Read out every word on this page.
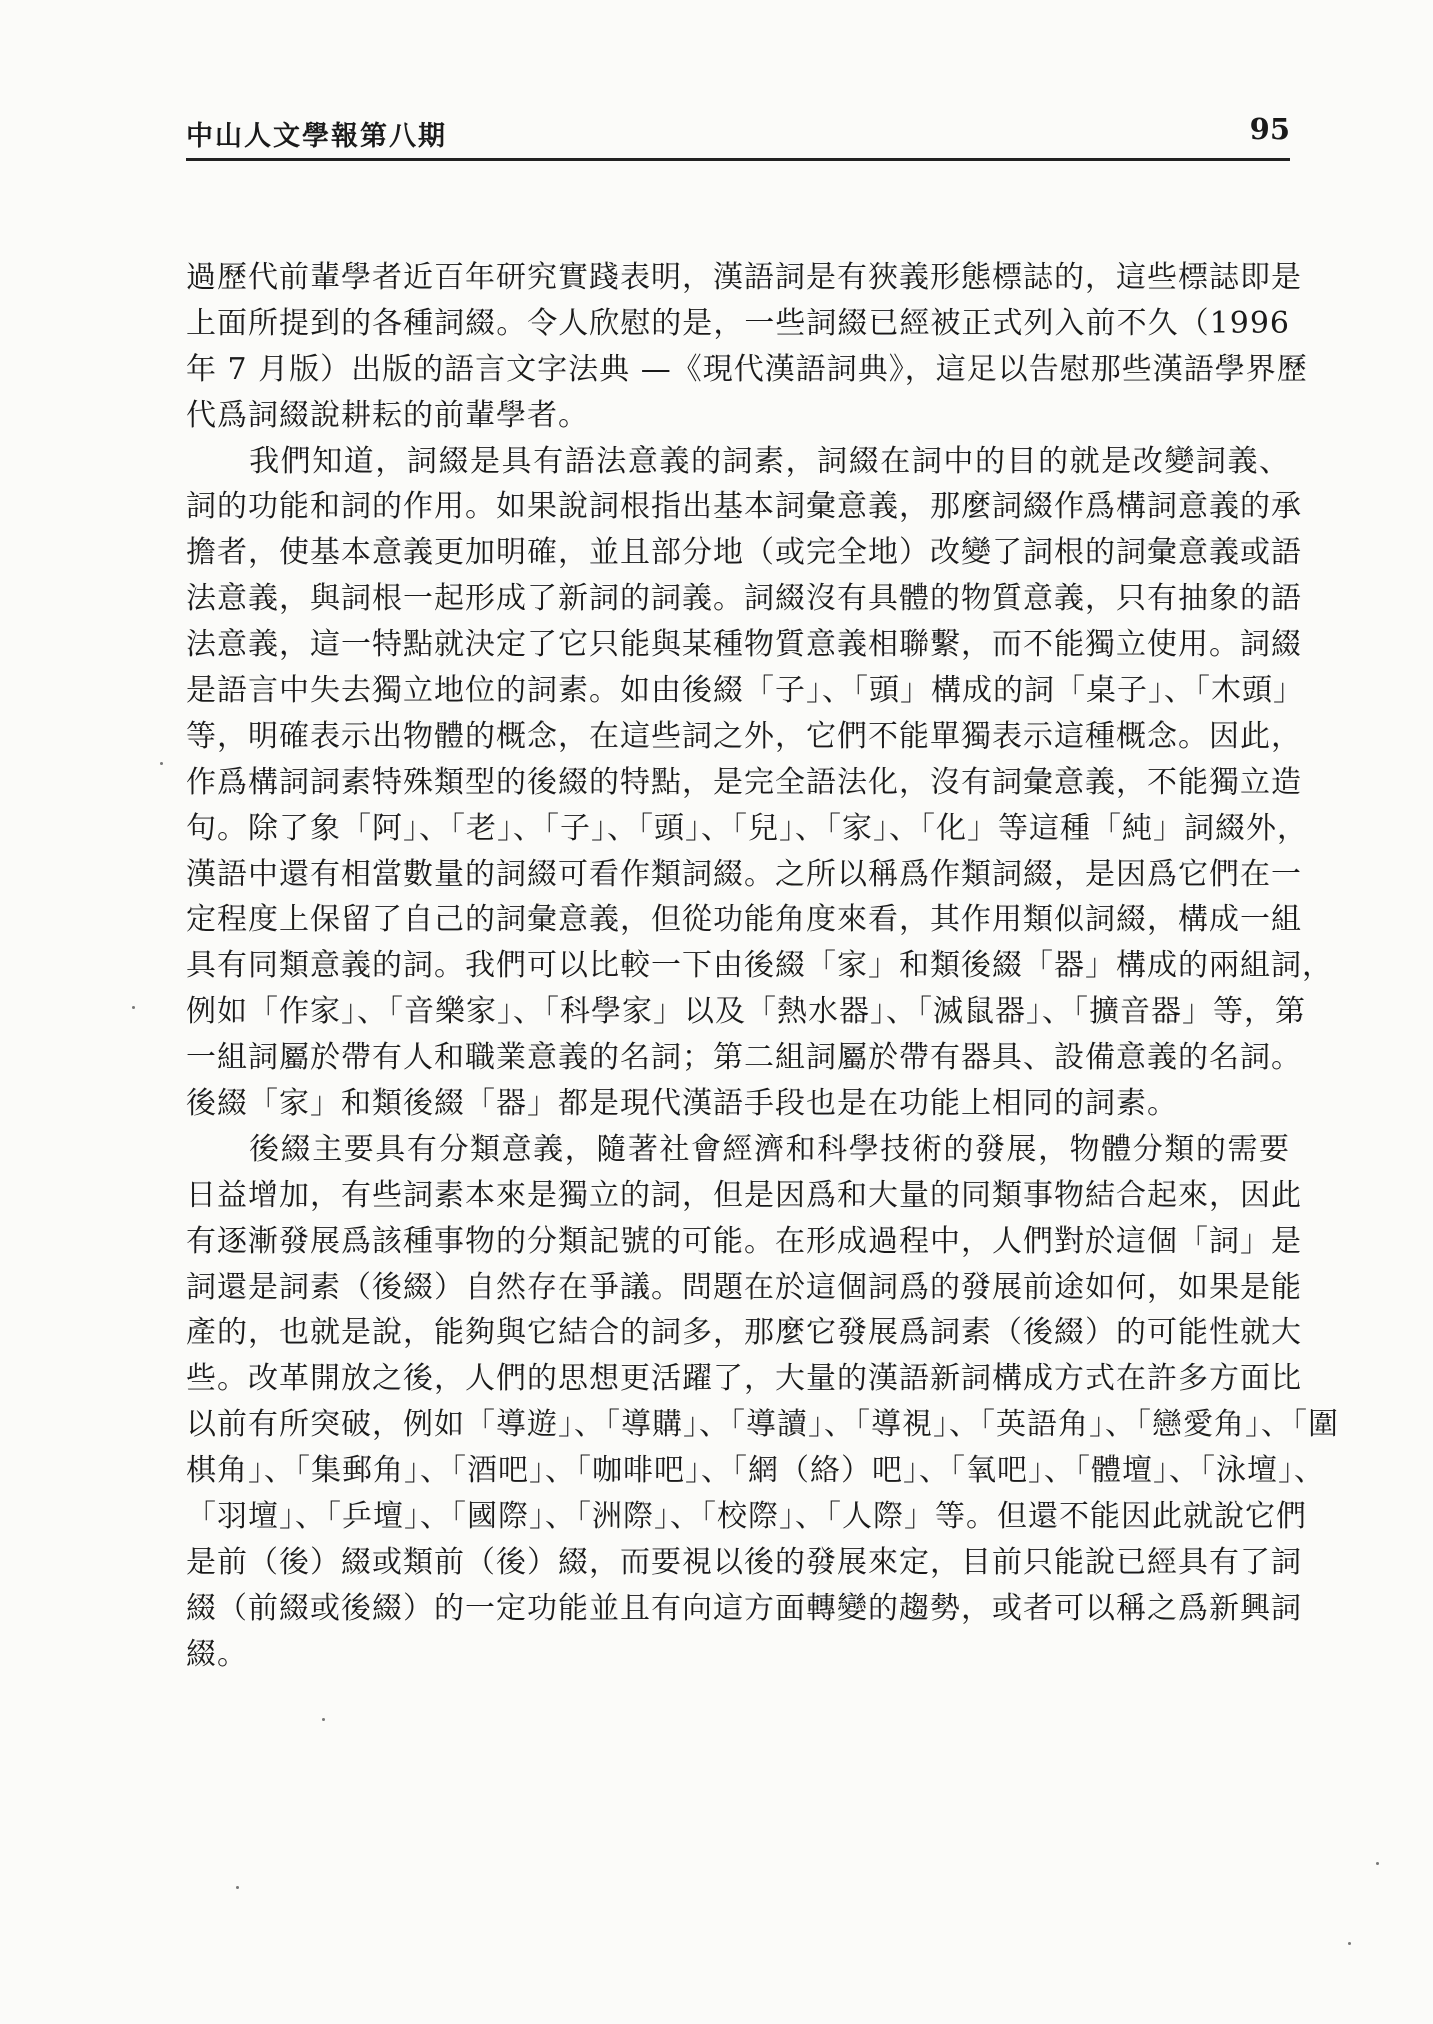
中山人文學報第八期	95
過歷代前輩學者近百年研究實踐表明，漢語詞是有狹義形態標誌的，這些標誌即是
上面所提到的各種詞綴。令人欣慰的是，一些詞綴已經被正式列入前不久（1996
年 7 月版）出版的語言文字法典 —《現代漢語詞典》，這足以告慰那些漢語學界歷
代爲詞綴說耕耘的前輩學者。
　　我們知道，詞綴是具有語法意義的詞素，詞綴在詞中的目的就是改變詞義、
詞的功能和詞的作用。如果說詞根指出基本詞彙意義，那麼詞綴作爲構詞意義的承
擔者，使基本意義更加明確，並且部分地（或完全地）改變了詞根的詞彙意義或語
法意義，與詞根一起形成了新詞的詞義。詞綴沒有具體的物質意義，只有抽象的語
法意義，這一特點就決定了它只能與某種物質意義相聯繫，而不能獨立使用。詞綴
是語言中失去獨立地位的詞素。如由後綴「子」、「頭」構成的詞「桌子」、「木頭」
等，明確表示出物體的概念，在這些詞之外，它們不能單獨表示這種概念。因此，
作爲構詞詞素特殊類型的後綴的特點，是完全語法化，沒有詞彙意義，不能獨立造
句。除了象「阿」、「老」、「子」、「頭」、「兒」、「家」、「化」等這種「純」詞綴外，
漢語中還有相當數量的詞綴可看作類詞綴。之所以稱爲作類詞綴，是因爲它們在一
定程度上保留了自己的詞彙意義，但從功能角度來看，其作用類似詞綴，構成一組
具有同類意義的詞。我們可以比較一下由後綴「家」和類後綴「器」構成的兩組詞，
例如「作家」、「音樂家」、「科學家」以及「熱水器」、「滅鼠器」、「擴音器」等，第
一組詞屬於帶有人和職業意義的名詞；第二組詞屬於帶有器具、設備意義的名詞。
後綴「家」和類後綴「器」都是現代漢語手段也是在功能上相同的詞素。
　　後綴主要具有分類意義，隨著社會經濟和科學技術的發展，物體分類的需要
日益增加，有些詞素本來是獨立的詞，但是因爲和大量的同類事物結合起來，因此
有逐漸發展爲該種事物的分類記號的可能。在形成過程中，人們對於這個「詞」是
詞還是詞素（後綴）自然存在爭議。問題在於這個詞爲的發展前途如何，如果是能
產的，也就是說，能夠與它結合的詞多，那麼它發展爲詞素（後綴）的可能性就大
些。改革開放之後，人們的思想更活躍了，大量的漢語新詞構成方式在許多方面比
以前有所突破，例如「導遊」、「導購」、「導讀」、「導視」、「英語角」、「戀愛角」、「圍
棋角」、「集郵角」、「酒吧」、「咖啡吧」、「網（絡）吧」、「氧吧」、「體壇」、「泳壇」、
「羽壇」、「乒壇」、「國際」、「洲際」、「校際」、「人際」等。但還不能因此就說它們
是前（後）綴或類前（後）綴，而要視以後的發展來定，目前只能說已經具有了詞
綴（前綴或後綴）的一定功能並且有向這方面轉變的趨勢，或者可以稱之爲新興詞
綴。
